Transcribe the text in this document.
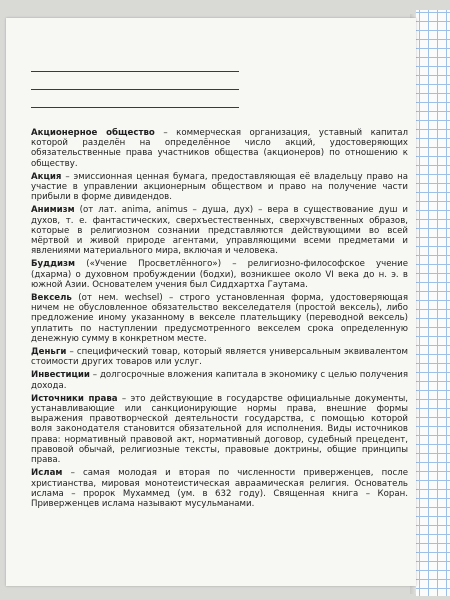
Акционерное общество – коммерческая организация, уставный капитал которой разделён на определённое число акций, удостоверяющих обязательственные права участников общества (акционеров) по отношению к обществу.

Акция – эмиссионная ценная бумага, предоставляющая её владельцу право на участие в управлении акционерным обществом и право на получение части прибыли в форме дивидендов.

Анимизм (от лат. anima, animus – душа, дух) – вера в существование душ и духов, т. е. фантастических, сверхъестественных, сверхчувственных образов, которые в религиозном сознании представляются действующими во всей мёртвой и живой природе агентами, управляющими всеми предметами и явлениями материального мира, включая и человека.

Буддизм («Учение Просветлённого») – религиозно-философское учение (дхарма) о духовном пробуждении (бодхи), возникшее около VI века до н. э. в южной Азии. Основателем учения был Сиддхартха Гаутама.

Вексель (от нем. wechsel) – строго установленная форма, удостоверяющая ничем не обусловленное обязательство векселедателя (простой вексель), либо предложение иному указанному в векселе плательщику (переводной вексель) уплатить по наступлении предусмотренного векселем срока определенную денежную сумму в конкретном месте.

Деньги – специфический товар, который является универсальным эквивалентом стоимости других товаров или услуг.

Инвестиции – долгосрочные вложения капитала в экономику с целью получения дохода.

Источники права – это действующие в государстве официальные документы, устанавливающие или санкционирующие нормы права, внешние формы выражения правотворческой деятельности государства, с помощью которой воля законодателя становится обязательной для исполнения. Виды источников права: нормативный правовой акт, нормативный договор, судебный прецедент, правовой обычай, религиозные тексты, правовые доктрины, общие принципы права.

Ислам – самая молодая и вторая по численности приверженцев, после христианства, мировая монотеистическая авраамическая религия. Основатель ислама – пророк Мухаммед (ум. в 632 году). Священная книга – Коран. Приверженцев ислама называют мусульманами.
